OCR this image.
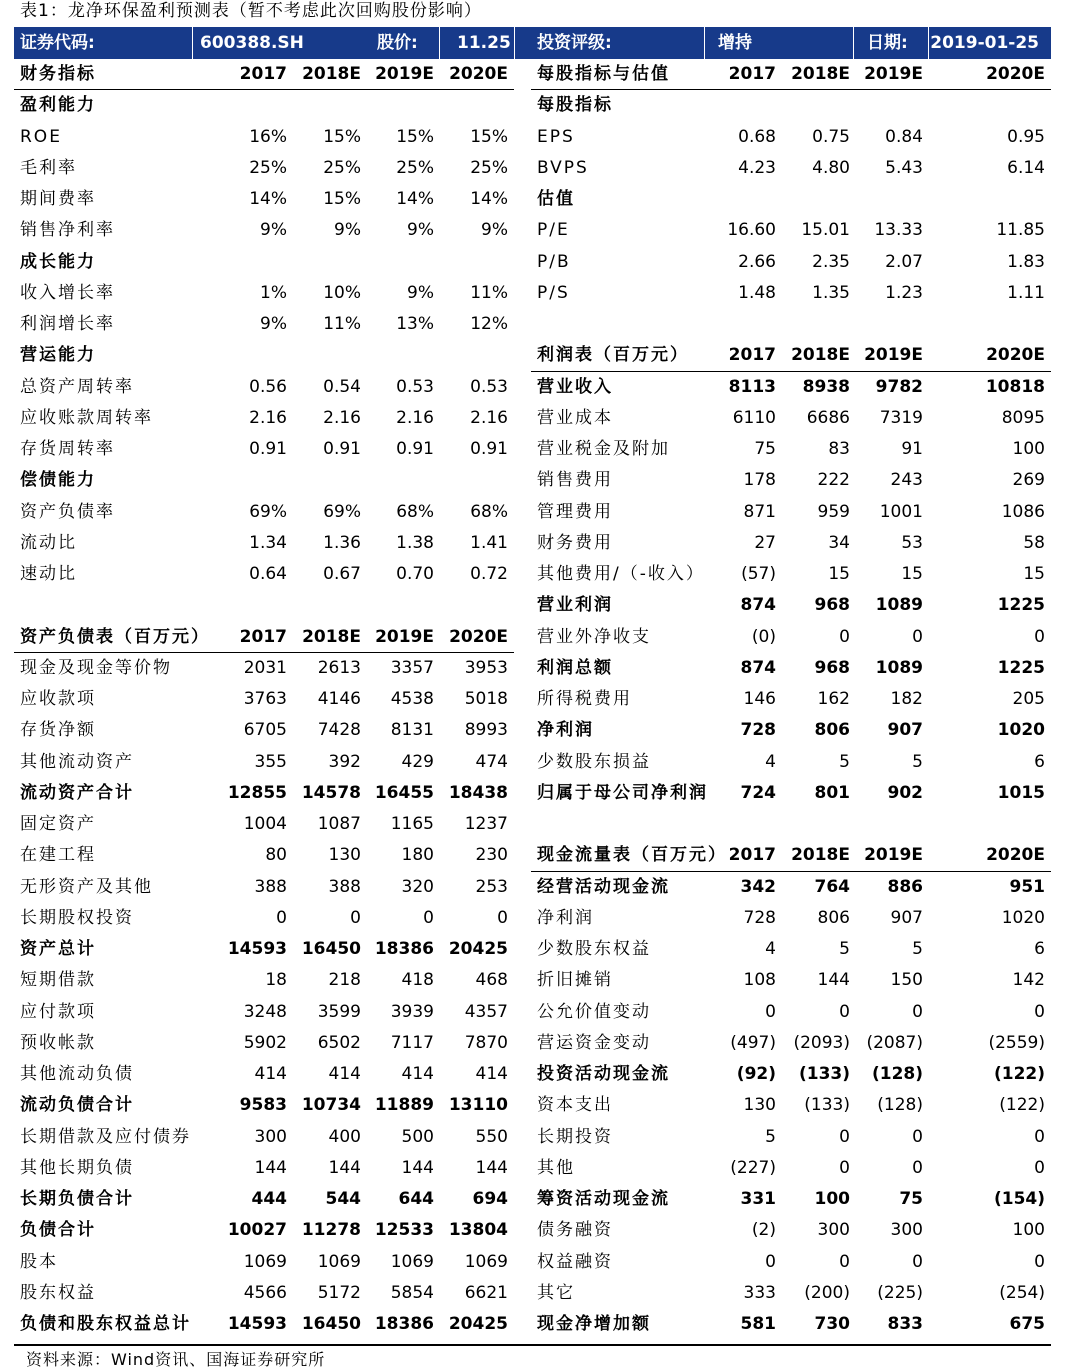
表1：龙净环保盈利预测表（暂不考虑此次回购股份影响）
证券代码:	600388.SH	股价: 11.25 投资评级:	增持	日期: 2019-01-25
财务指标	2017 2018E 2019E 2020E
盈利能力
ROE	16%	15%	15%	15%
毛利率	25%	25%	25%	25%
期间费率	14%	15%	14%	14%
销售净利率	9%	9%	9%	9%
成长能力
收入增长率	1%	10%	9%	11%
利润增长率	9%	11%	13%	12%
营运能力
总资产周转率	0.56	0.54	0.53	0.53
应收账款周转率	2.16	2.16	2.16	2.16
存货周转率	0.91	0.91	0.91	0.91
偿债能力
资产负债率	69%	69%	68%	68%
流动比	1.34	1.36	1.38	1.41
速动比	0.64	0.67	0.70	0.72
资产负债表（百万元）	2017 2018E 2019E 2020E
现金及现金等价物	2031	2613	3357	3953
应收款项	3763	4146	4538	5018
存货净额	6705	7428	8131	8993
其他流动资产	355	392	429	474
流动资产合计	12855 14578 16455 18438
固定资产	1004	1087	1165	1237
在建工程	80	130	180	230
无形资产及其他	388	388	320	253
长期股权投资	0	0	0	0
资产总计	14593 16450 18386 20425
短期借款	18	218	418	468
应付款项	3248	3599	3939	4357
预收帐款	5902	6502	7117	7870
其他流动负债	414	414	414	414
流动负债合计	9583 10734 11889 13110
长期借款及应付债券	300	400	500	550
其他长期负债	144	144	144	144
长期负债合计	444	544	644	694
负债合计	10027 11278 12533 13804
股本	1069	1069	1069	1069
股东权益	4566	5172	5854	6621
负债和股东权益总计	14593 16450 18386 20425
每股指标与估值	2017 2018E 2019E	2020E
每股指标
EPS	0.68	0.75	0.84	0.95
BVPS	4.23	4.80	5.43	6.14
估值
P/E	16.60	15.01	13.33	11.85
P/B	2.66	2.35	2.07	1.83
P/S	1.48	1.35	1.23	1.11
利润表（百万元）	2017 2018E 2019E	2020E
营业收入	8113	8938	9782	10818
营业成本	6110	6686	7319	8095
营业税金及附加	75	83	91	100
销售费用	178	222	243	269
管理费用	871	959	1001	1086
财务费用	27	34	53	58
其他费用/（-收入）	(57)	15	15	15
营业利润	874	968	1089	1225
营业外净收支	(0)	0	0	0
利润总额	874	968	1089	1225
所得税费用	146	162	182	205
净利润	728	806	907	1020
少数股东损益	4	5	5	6
归属于母公司净利润	724	801	902	1015
现金流量表（百万元） 2017 2018E 2019E	2020E
经营活动现金流	342	764	886	951
净利润	728	806	907	1020
少数股东权益	4	5	5	6
折旧摊销	108	144	150	142
公允价值变动	0	0	0	0
营运资金变动	(497)	(2093) (2087)	(2559)
投资活动现金流	(92)	(133)	(128)	(122)
资本支出	130	(133)	(128)	(122)
长期投资	5	0	0	0
其他	(227)	0	0	0
筹资活动现金流	331	100	75	(154)
债务融资	(2)	300	300	100
权益融资	0	0	0	0
其它	333	(200)	(225)	(254)
现金净增加额	581	730	833	675
资料来源：Wind资讯、国海证券研究所
